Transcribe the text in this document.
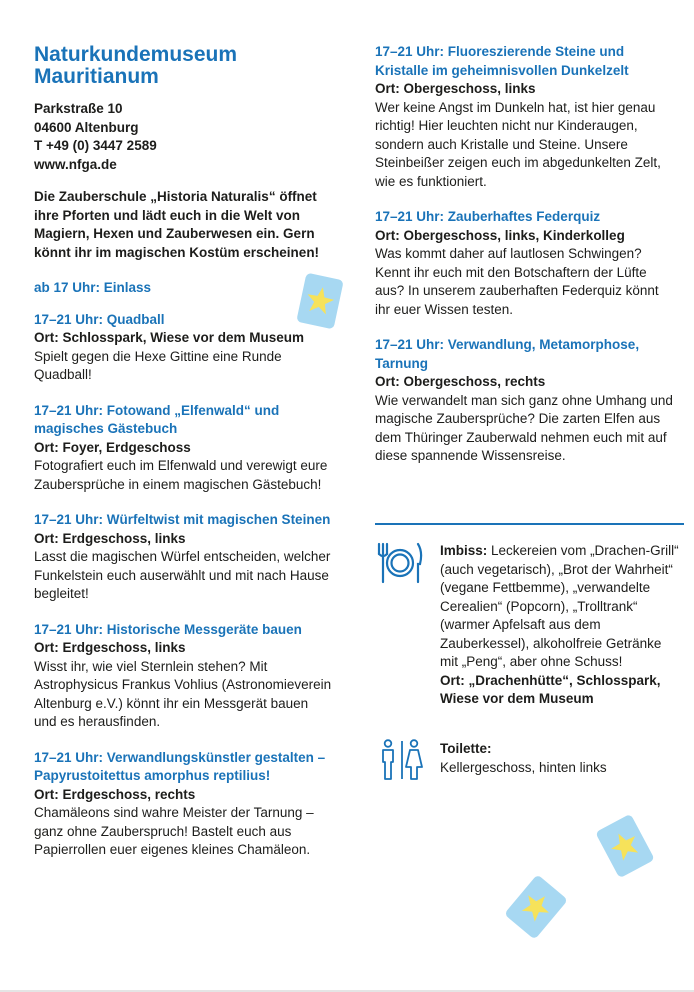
Naturkundemuseum
Mauritianum
Parkstraße 10
04600 Altenburg
T +49 (0) 3447 2589
www.nfga.de
Die Zauberschule „Historia Naturalis“ öffnet ihre Pforten und lädt euch in die Welt von Magiern, Hexen und Zauberwesen ein. Gern könnt ihr im magischen Kostüm erscheinen!
ab 17 Uhr: Einlass
17–21 Uhr: Quadball
Ort: Schlosspark, Wiese vor dem Museum
Spielt gegen die Hexe Gittine eine Runde Quadball!
17–21 Uhr: Fotowand „Elfenwald“ und magisches Gästebuch
Ort: Foyer, Erdgeschoss
Fotografiert euch im Elfenwald und verewigt eure Zaubersprüche in einem magischen Gästebuch!
17–21 Uhr: Würfeltwist mit magischen Steinen
Ort: Erdgeschoss, links
Lasst die magischen Würfel entscheiden, welcher Funkelstein euch auserwählt und mit nach Hause begleitet!
17–21 Uhr: Historische Messgeräte bauen
Ort: Erdgeschoss, links
Wisst ihr, wie viel Sternlein stehen? Mit Astrophysicus Frankus Vohlius (Astronomieverein Altenburg e.V.) könnt ihr ein Messgerät bauen und es herausfinden.
17–21 Uhr: Verwandlungskünstler gestalten – Papyrustoitettus amorphus reptilius!
Ort: Erdgeschoss, rechts
Chamäleons sind wahre Meister der Tarnung – ganz ohne Zauberspruch! Bastelt euch aus Papierrollen euer eigenes kleines Chamäleon.
17–21 Uhr: Fluoreszierende Steine und Kristalle im geheimnisvollen Dunkelzelt
Ort: Obergeschoss, links
Wer keine Angst im Dunkeln hat, ist hier genau richtig! Hier leuchten nicht nur Kinderaugen, sondern auch Kristalle und Steine. Unsere Steinbeißer zeigen euch im abgedunkelten Zelt, wie es funktioniert.
17–21 Uhr: Zauberhaftes Federquiz
Ort: Obergeschoss, links, Kinderkolleg
Was kommt daher auf lautlosen Schwingen? Kennt ihr euch mit den Botschaftern der Lüfte aus? In unserem zauberhaften Federquiz könnt ihr euer Wissen testen.
17–21 Uhr: Verwandlung, Metamorphose, Tarnung
Ort: Obergeschoss, rechts
Wie verwandelt man sich ganz ohne Umhang und magische Zaubersprüche? Die zarten Elfen aus dem Thüringer Zauberwald nehmen euch mit auf diese spannende Wissensreise.
Imbiss: Leckereien vom „Drachen-Grill“ (auch vegetarisch), „Brot der Wahrheit“ (vegane Fettbemme), „verwandelte Cerealien“ (Popcorn), „Trolltrank“ (warmer Apfelsaft aus dem Zauberkessel), alkoholfreie Getränke mit „Peng“, aber ohne Schuss!
Ort: „Drachenhütte“, Schlosspark, Wiese vor dem Museum
Toilette:
Kellergeschoss, hinten links
